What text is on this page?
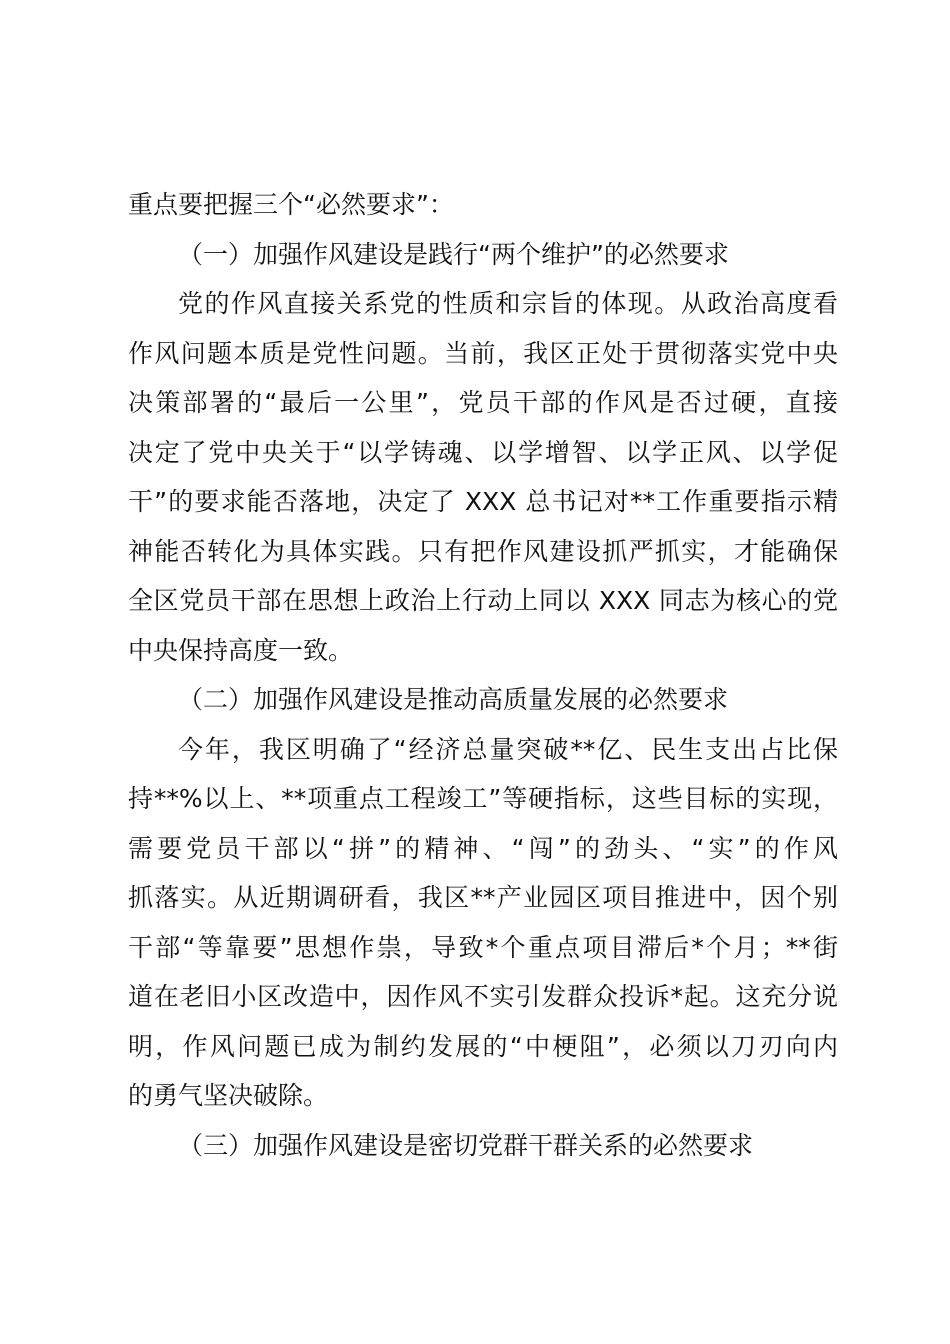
重点要把握三个“必然要求”：
（一）加强作风建设是践行“两个维护”的必然要求
党的作风直接关系党的性质和宗旨的体现。从政治高度看
作风问题本质是党性问题。当前，我区正处于贯彻落实党中央
决策部署的“最后一公里”，党员干部的作风是否过硬，直接
决定了党中央关于“以学铸魂、以学增智、以学正风、以学促
干”的要求能否落地，决定了 XXX 总书记对**工作重要指示精
神能否转化为具体实践。只有把作风建设抓严抓实，才能确保
全区党员干部在思想上政治上行动上同以 XXX 同志为核心的党
中央保持高度一致。
（二）加强作风建设是推动高质量发展的必然要求
今年，我区明确了“经济总量突破**亿、民生支出占比保
持**%以上、**项重点工程竣工”等硬指标，这些目标的实现，
需要党员干部以“拼”的精神、“闯”的劲头、“实”的作风
抓落实。从近期调研看，我区**产业园区项目推进中，因个别
干部“等靠要”思想作祟，导致*个重点项目滞后*个月；**街
道在老旧小区改造中，因作风不实引发群众投诉*起。这充分说
明，作风问题已成为制约发展的“中梗阻”，必须以刀刃向内
的勇气坚决破除。
（三）加强作风建设是密切党群干群关系的必然要求
